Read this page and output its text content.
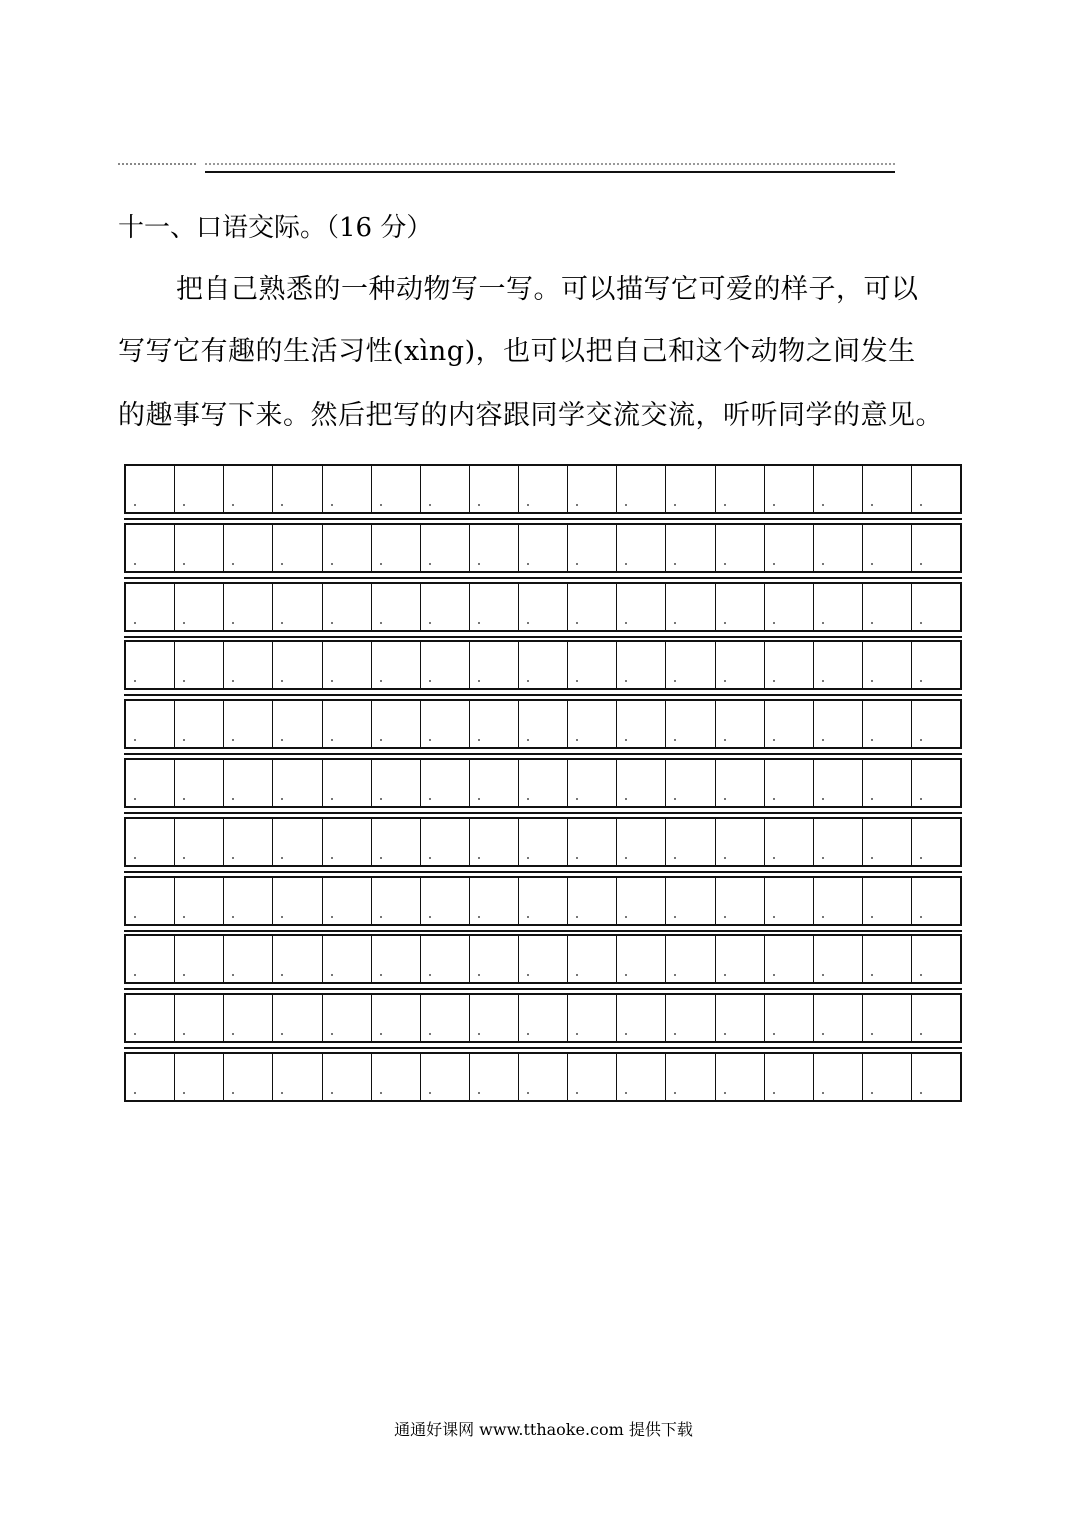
十一、口语交际。（16 分）
把自己熟悉的一种动物写一写。可以描写它可爱的样子，可以
写写它有趣的生活习性(xìng)，也可以把自己和这个动物之间发生
的趣事写下来。然后把写的内容跟同学交流交流，听听同学的意见。
通通好课网 www.tthaoke.com 提供下载
